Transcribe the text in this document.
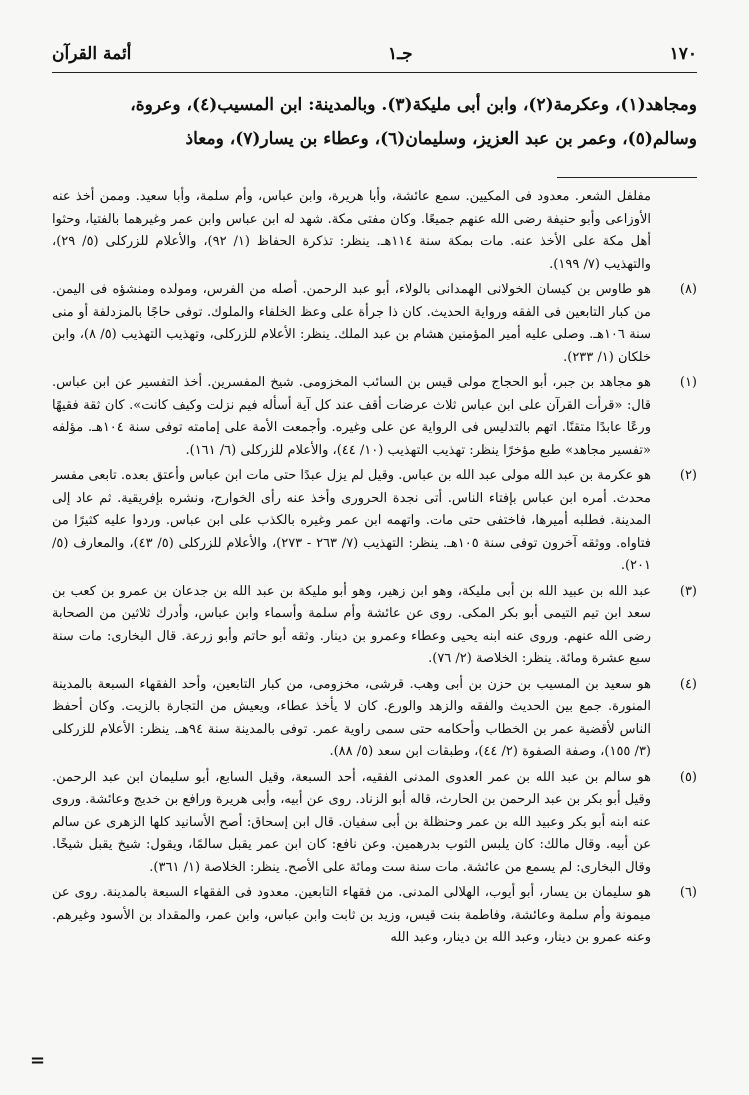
١٧٠
جـ١
أئمة القرآن

ومجاهد(١)، وعكرمة(٢)، وابن أبى مليكة(٣). وبالمدينة: ابن المسيب(٤)، وعروة،

وسالم(٥)، وعمر بن عبد العزيز، وسليمان(٦)، وعطاء بن يسار(٧)، ومعاذ

مفلفل الشعر. معدود فى المكيين. سمع عائشة، وأبا هريرة، وابن عباس، وأم سلمة، وأبا سعيد. وممن أخذ عنه الأوزاعى وأبو حنيفة رضى الله عنهم جميعًا. وكان مفتى مكة. شهد له ابن عباس وابن عمر وغيرهما بالفتيا، وحثوا أهل مكة على الأخذ عنه. مات بمكة سنة ١١٤هـ. ينظر: تذكرة الحفاظ (١/ ٩٢)، والأعلام للزركلى (٥/ ٢٩)، والتهذيب (٧/ ١٩٩).

(٨)
هو طاوس بن كيسان الخولانى الهمدانى بالولاء، أبو عبد الرحمن. أصله من الفرس، ومولده ومنشؤه فى اليمن. من كبار التابعين فى الفقه ورواية الحديث. كان ذا جرأة على وعظ الخلفاء والملوك. توفى حاجًا بالمزدلفة أو منى سنة ١٠٦هـ. وصلى عليه أمير المؤمنين هشام بن عبد الملك. ينظر: الأعلام للزركلى، وتهذيب التهذيب (٥/ ٨)، وابن خلكان (١/ ٢٣٣).
(١)
هو مجاهد بن جبر، أبو الحجاج مولى قيس بن السائب المخزومى. شيخ المفسرين. أخذ التفسير عن ابن عباس. قال: «قرأت القرآن على ابن عباس ثلاث عرضات أقف عند كل آية أسأله فيم نزلت وكيف كانت». كان ثقة فقيهًا ورعًا عابدًا متقنًا. اتهم بالتدليس فى الرواية عن على وغيره. وأجمعت الأمة على إمامته توفى سنة ١٠٤هـ. مؤلفه «تفسير مجاهد» طبع مؤخرًا ينظر: تهذيب التهذيب (١٠/ ٤٤)، والأعلام للزركلى (٦/ ١٦١).
(٢)
هو عكرمة بن عبد الله مولى عبد الله بن عباس. وقيل لم يزل عبدًا حتى مات ابن عباس وأعتق بعده. تابعى مفسر محدث. أمره ابن عباس بإفتاء الناس. أتى نجدة الحرورى وأخذ عنه رأى الخوارج، ونشره بإفريقية. ثم عاد إلى المدينة. فطلبه أميرها، فاختفى حتى مات. واتهمه ابن عمر وغيره بالكذب على ابن عباس. وردوا عليه كثيرًا من فتاواه. ووثقه آخرون توفى سنة ١٠٥هـ. ينظر: التهذيب (٧/ ٢٦٣ - ٢٧٣)، والأعلام للزركلى (٥/ ٤٣)، والمعارف (٥/ ٢٠١).
(٣)
عبد الله بن عبيد الله بن أبى مليكة، وهو ابن زهير، وهو أبو مليكة بن عبد الله بن جدعان بن عمرو بن كعب بن سعد ابن تيم التيمى أبو بكر المكى. روى عن عائشة وأم سلمة وأسماء وابن عباس، وأدرك ثلاثين من الصحابة رضى الله عنهم. وروى عنه ابنه يحيى وعطاء وعمرو بن دينار. وثقه أبو حاتم وأبو زرعة. قال البخارى: مات سنة سبع عشرة ومائة. ينظر: الخلاصة (٢/ ٧٦).
(٤)
هو سعيد بن المسيب بن حزن بن أبى وهب. قرشى، مخزومى، من كبار التابعين، وأحد الفقهاء السبعة بالمدينة المنورة. جمع بين الحديث والفقه والزهد والورع. كان لا يأخذ عطاء، ويعيش من التجارة بالزيت. وكان أحفظ الناس لأقضية عمر بن الخطاب وأحكامه حتى سمى راوية عمر. توفى بالمدينة سنة ٩٤هـ. ينظر: الأعلام للزركلى (٣/ ١٥٥)، وصفة الصفوة (٢/ ٤٤)، وطبقات ابن سعد (٥/ ٨٨).
(٥)
هو سالم بن عبد الله بن عمر العدوى المدنى الفقيه، أحد السبعة، وقيل السابع، أبو سليمان ابن عبد الرحمن. وقيل أبو بكر بن عبد الرحمن بن الحارث، قاله أبو الزناد. روى عن أبيه، وأبى هريرة ورافع بن خديج وعائشة. وروى عنه ابنه أبو بكر وعبيد الله بن عمر وحنظلة بن أبى سفيان. قال ابن إسحاق: أصح الأسانيد كلها الزهرى عن سالم عن أبيه. وقال مالك: كان يلبس الثوب بدرهمين. وعن نافع: كان ابن عمر يقبل سالمًا، ويقول: شيخ يقبل شيخًا. وقال البخارى: لم يسمع من عائشة. مات سنة ست ومائة على الأصح. ينظر: الخلاصة (١/ ٣٦١).
(٦)
هو سليمان بن يسار، أبو أيوب، الهلالى المدنى. من فقهاء التابعين. معدود فى الفقهاء السبعة بالمدينة. روى عن ميمونة وأم سلمة وعائشة، وفاطمة بنت قيس، وزيد بن ثابت وابن عباس، وابن عمر، والمقداد بن الأسود وغيرهم. وعنه عمرو بن دينار، وعبد الله بن دينار، وعبد الله
=
